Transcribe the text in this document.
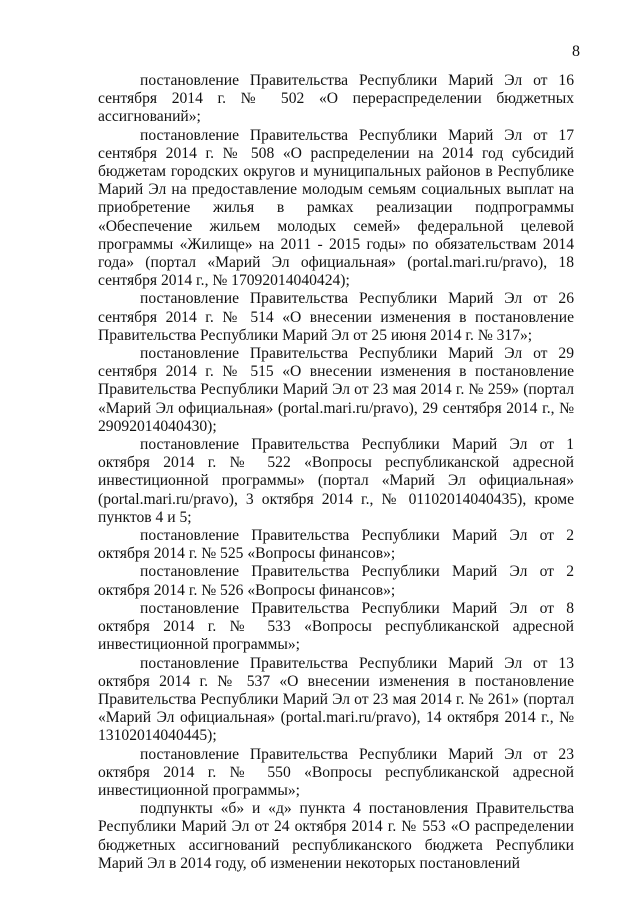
8

постановление Правительства Республики Марий Эл от 16 сентября 2014 г. № 502 «О перераспределении бюджетных ассигнований»;

постановление Правительства Республики Марий Эл от 17 сентября 2014 г. № 508 «О распределении на 2014 год субсидий бюджетам городских округов и муниципальных районов в Республике Марий Эл на предоставление молодым семьям социальных выплат на приобретение жилья в рамках реализации подпрограммы «Обеспечение жильем молодых семей» федеральной целевой программы «Жилище» на 2011 - 2015 годы» по обязательствам 2014 года» (портал «Марий Эл официальная» (portal.mari.ru/pravo), 18 сентября 2014 г., № 17092014040424);

постановление Правительства Республики Марий Эл от 26 сентября 2014 г. № 514 «О внесении изменения в постановление Правительства Республики Марий Эл от 25 июня 2014 г. № 317»;

постановление Правительства Республики Марий Эл от 29 сентября 2014 г. № 515 «О внесении изменения в постановление Правительства Республики Марий Эл от 23 мая 2014 г. № 259» (портал «Марий Эл официальная» (portal.mari.ru/pravo), 29 сентября 2014 г., № 29092014040430);

постановление Правительства Республики Марий Эл от 1 октября 2014 г. № 522 «Вопросы республиканской адресной инвестиционной программы» (портал «Марий Эл официальная» (portal.mari.ru/pravo), 3 октября 2014 г., № 01102014040435), кроме пунктов 4 и 5;

постановление Правительства Республики Марий Эл от 2 октября 2014 г. № 525 «Вопросы финансов»;

постановление Правительства Республики Марий Эл от 2 октября 2014 г. № 526 «Вопросы финансов»;

постановление Правительства Республики Марий Эл от 8 октября 2014 г. № 533 «Вопросы республиканской адресной инвестиционной программы»;

постановление Правительства Республики Марий Эл от 13 октября 2014 г. № 537 «О внесении изменения в постановление Правительства Республики Марий Эл от 23 мая 2014 г. № 261» (портал «Марий Эл официальная» (portal.mari.ru/pravo), 14 октября 2014 г., № 13102014040445);

постановление Правительства Республики Марий Эл от 23 октября 2014 г. № 550 «Вопросы республиканской адресной инвестиционной программы»;

подпункты «б» и «д» пункта 4 постановления Правительства Республики Марий Эл от 24 октября 2014 г. № 553 «О распределении бюджетных ассигнований республиканского бюджета Республики Марий Эл в 2014 году, об изменении некоторых постановлений
